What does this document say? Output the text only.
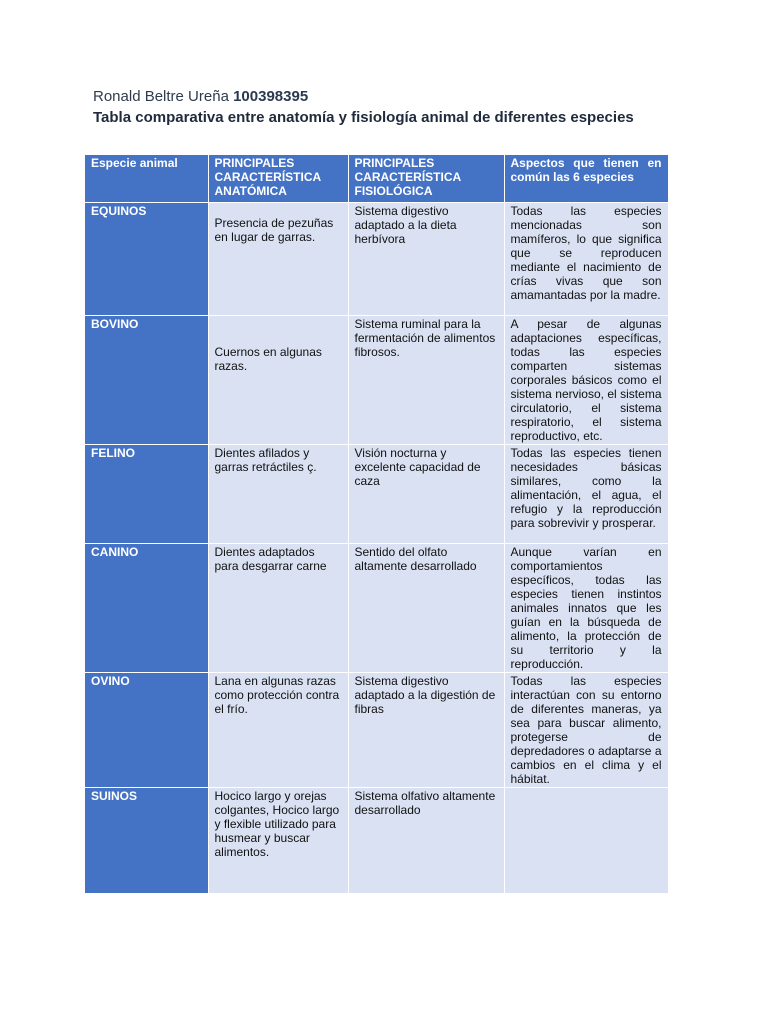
Ronald Beltre Ureña 100398395
Tabla comparativa entre anatomía y fisiología animal de diferentes especies
Especie animal	PRINCIPALES CARACTERÍSTICA ANATÓMICA	PRINCIPALES CARACTERÍSTICA FISIOLÓGICA	Aspectos que tienen en común las 6 especies
EQUINOS	Presencia de pezuñas en lugar de garras.	Sistema digestivo adaptado a la dieta herbívora	Todas las especies mencionadas son mamíferos, lo que significa que se reproducen mediante el nacimiento de crías vivas que son amamantadas por la madre.
BOVINO	Cuernos en algunas razas.	Sistema ruminal para la fermentación de alimentos fibrosos.	A pesar de algunas adaptaciones específicas, todas las especies comparten sistemas corporales básicos como el sistema nervioso, el sistema circulatorio, el sistema respiratorio, el sistema reproductivo, etc.
FELINO	Dientes afilados y garras retráctiles ç.	Visión nocturna y excelente capacidad de caza	Todas las especies tienen necesidades básicas similares, como la alimentación, el agua, el refugio y la reproducción para sobrevivir y prosperar.
CANINO	Dientes adaptados para desgarrar carne	Sentido del olfato altamente desarrollado	Aunque varían en comportamientos específicos, todas las especies tienen instintos animales innatos que les guían en la búsqueda de alimento, la protección de su territorio y la reproducción.
OVINO	Lana en algunas razas como protección contra el frío.	Sistema digestivo adaptado a la digestión de fibras	Todas las especies interactúan con su entorno de diferentes maneras, ya sea para buscar alimento, protegerse de depredadores o adaptarse a cambios en el clima y el hábitat.
SUINOS	Hocico largo y orejas colgantes, Hocico largo y flexible utilizado para husmear y buscar alimentos.	Sistema olfativo altamente desarrollado	
